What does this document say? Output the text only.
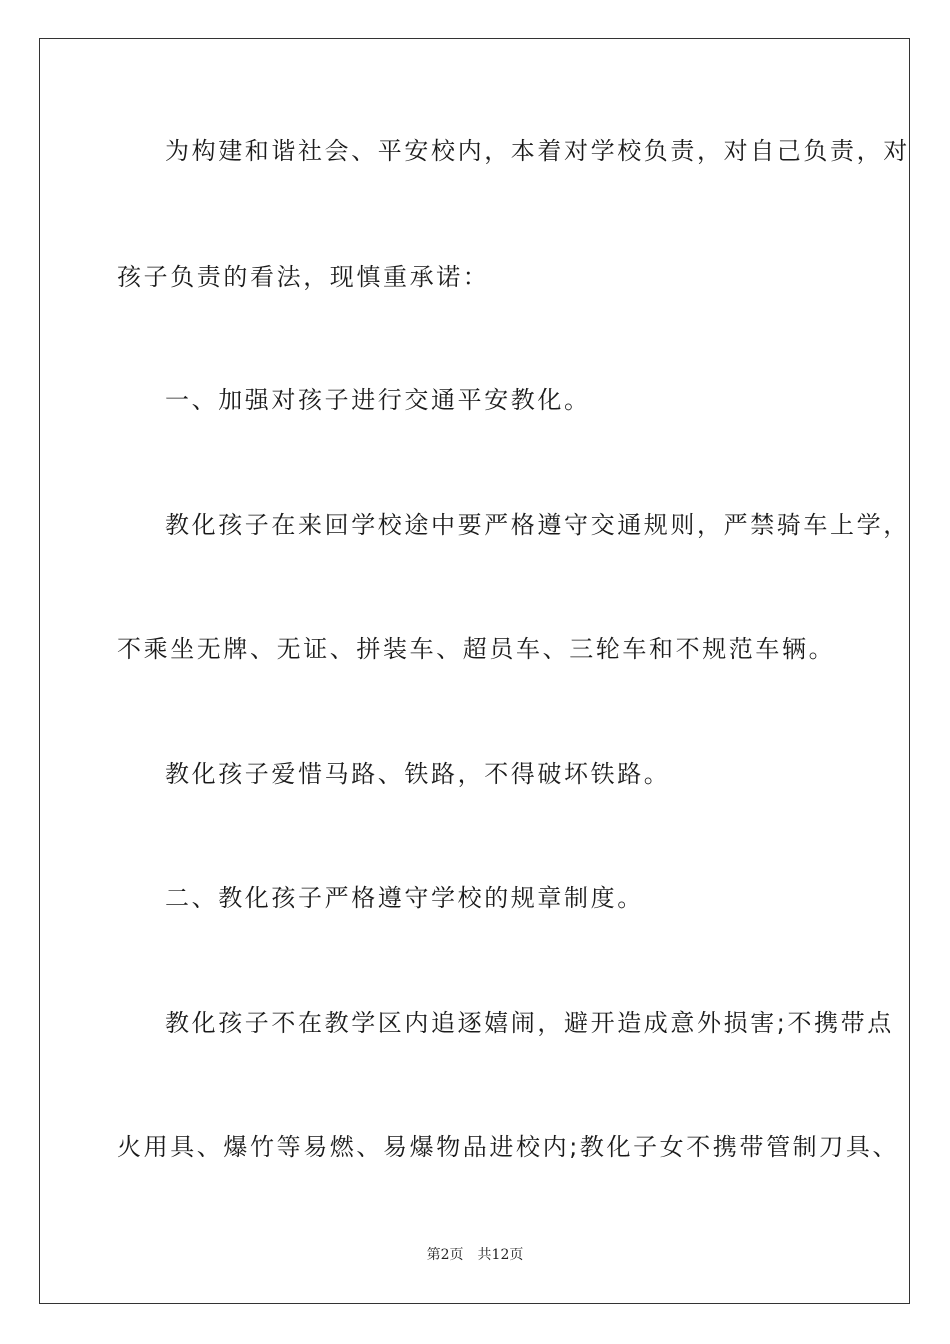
为构建和谐社会、平安校内，本着对学校负责，对自己负责，对
孩子负责的看法，现慎重承诺：
一、加强对孩子进行交通平安教化。
教化孩子在来回学校途中要严格遵守交通规则，严禁骑车上学，
不乘坐无牌、无证、拼装车、超员车、三轮车和不规范车辆。
教化孩子爱惜马路、铁路，不得破坏铁路。
二、教化孩子严格遵守学校的规章制度。
教化孩子不在教学区内追逐嬉闹，避开造成意外损害;不携带点
火用具、爆竹等易燃、易爆物品进校内;教化子女不携带管制刀具、
第2页 共12页
